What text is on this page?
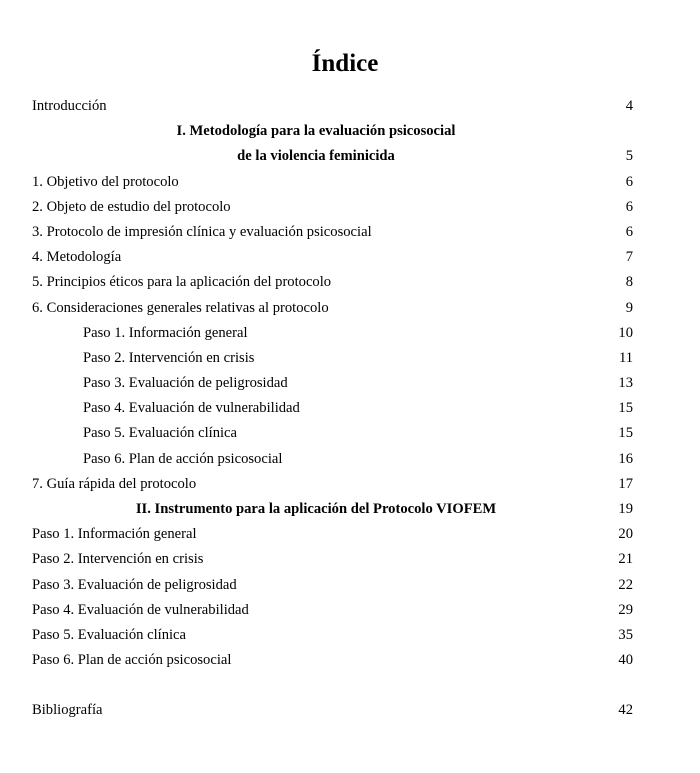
Índice
Introducción	4
I. Metodología para la evaluación psicosocial
de la violencia feminicida	5
1. Objetivo del protocolo	6
2. Objeto de estudio del protocolo	6
3. Protocolo de impresión clínica y evaluación psicosocial	6
4. Metodología	7
5. Principios éticos para la aplicación del protocolo	8
6. Consideraciones generales relativas al protocolo	9
Paso 1. Información general	10
Paso 2. Intervención en crisis	11
Paso 3. Evaluación de peligrosidad	13
Paso 4. Evaluación de vulnerabilidad	15
Paso 5. Evaluación clínica	15
Paso 6. Plan de acción psicosocial	16
7. Guía rápida del protocolo	17
II. Instrumento para la aplicación del Protocolo VIOFEM	19
Paso 1. Información general	20
Paso 2. Intervención en crisis	21
Paso 3. Evaluación de peligrosidad	22
Paso 4. Evaluación de vulnerabilidad	29
Paso 5. Evaluación clínica	35
Paso 6. Plan de acción psicosocial	40
Bibliografía	42
